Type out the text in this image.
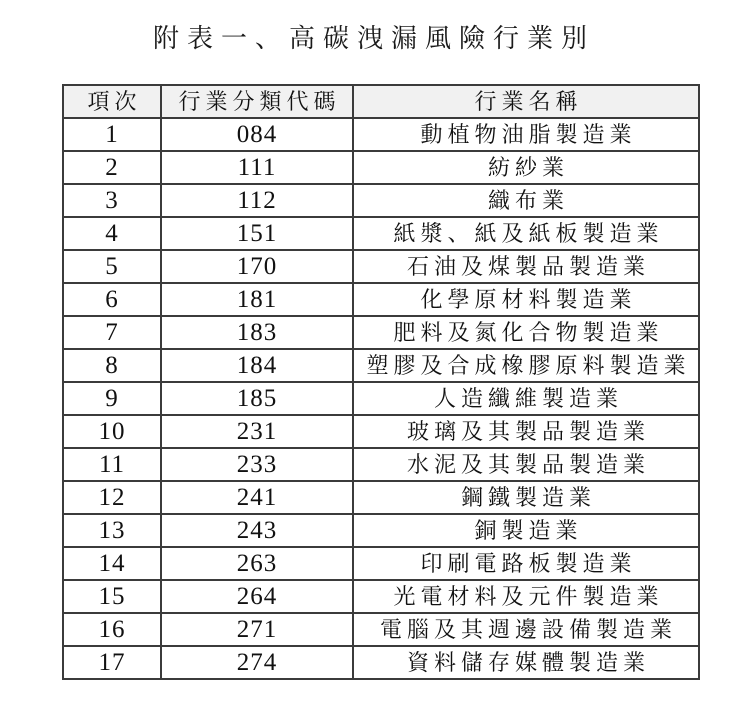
附表一、高碳洩漏風險行業別
項次	行業分類代碼	行業名稱
1	084	動植物油脂製造業
2	111	紡紗業
3	112	織布業
4	151	紙漿、紙及紙板製造業
5	170	石油及煤製品製造業
6	181	化學原材料製造業
7	183	肥料及氮化合物製造業
8	184	塑膠及合成橡膠原料製造業
9	185	人造纖維製造業
10	231	玻璃及其製品製造業
11	233	水泥及其製品製造業
12	241	鋼鐵製造業
13	243	銅製造業
14	263	印刷電路板製造業
15	264	光電材料及元件製造業
16	271	電腦及其週邊設備製造業
17	274	資料儲存媒體製造業
